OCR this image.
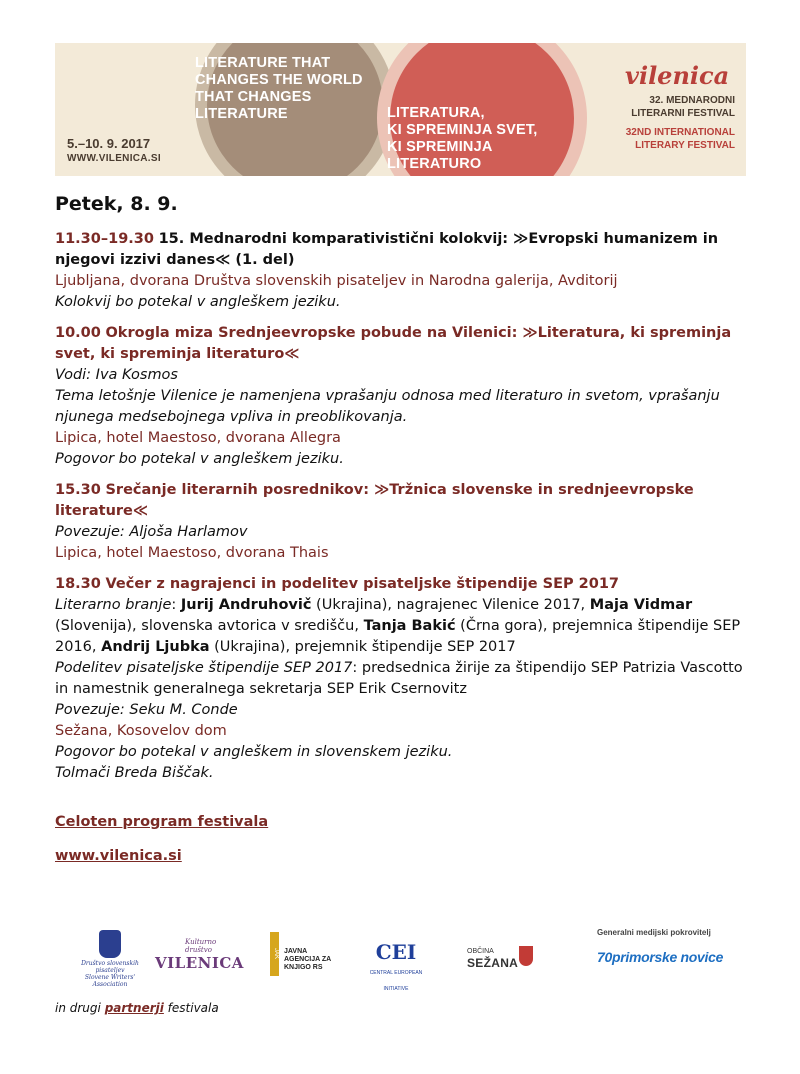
LITERATURE THAT
CHANGES THE WORLD
THAT CHANGES
LITERATURE	LITERATURA,
KI SPREMINJA SVET,
KI SPREMINJA
LITERATURO
5.–10. 9. 2017
WWW.VILENICA.SI
vilenica
32. MEDNARODNI
LITERARNI FESTIVAL
32ND INTERNATIONAL
LITERARY FESTIVAL
Petek, 8. 9.
11.30–19.30 15. Mednarodni komparativistični kolokvij: ≫Evropski humanizem in njegovi izzivi danes≪ (1. del)
Ljubljana, dvorana Društva slovenskih pisateljev in Narodna galerija, Avditorij
Kolokvij bo potekal v angleškem jeziku.
10.00 Okrogla miza Srednjeevropske pobude na Vilenici: ≫Literatura, ki spreminja svet, ki spreminja literaturo≪
Vodi: Iva Kosmos
Tema letošnje Vilenice je namenjena vprašanju odnosa med literaturo in svetom, vprašanju njunega medsebojnega vpliva in preoblikovanja.
Lipica, hotel Maestoso, dvorana Allegra
Pogovor bo potekal v angleškem jeziku.
15.30 Srečanje literarnih posrednikov: ≫Tržnica slovenske in srednjeevropske literature≪
Povezuje: Aljoša Harlamov
Lipica, hotel Maestoso, dvorana Thais
18.30 Večer z nagrajenci in podelitev pisateljske štipendije SEP 2017
Literarno branje: Jurij Andruhovič (Ukrajina), nagrajenec Vilenice 2017, Maja Vidmar (Slovenija), slovenska avtorica v središču, Tanja Bakić (Črna gora), prejemnica štipendije SEP 2016, Andrij Ljubka (Ukrajina), prejemnik štipendije SEP 2017
Podelitev pisateljske štipendije SEP 2017: predsednica žirije za štipendijo SEP Patrizia Vascotto in namestnik generalnega sekretarja SEP Erik Csernovitz
Povezuje: Seku M. Conde
Sežana, Kosovelov dom
Pogovor bo potekal v angleškem in slovenskem jeziku.
Tolmači Breda Biščak.
Celoten program festivala
www.vilenica.si
Društvo slovenskih pisateljev
Slovene Writers' Association
Kulturno društvo
VILENICA
JAK JAVNA
AGENCIJA ZA
KNJIGO RS
CEI
CENTRAL EUROPEAN INITIATIVE
OBČINA
SEŽANA
Generalni medijski pokrovitelj
70primorske novice
in drugi partnerji festivala
